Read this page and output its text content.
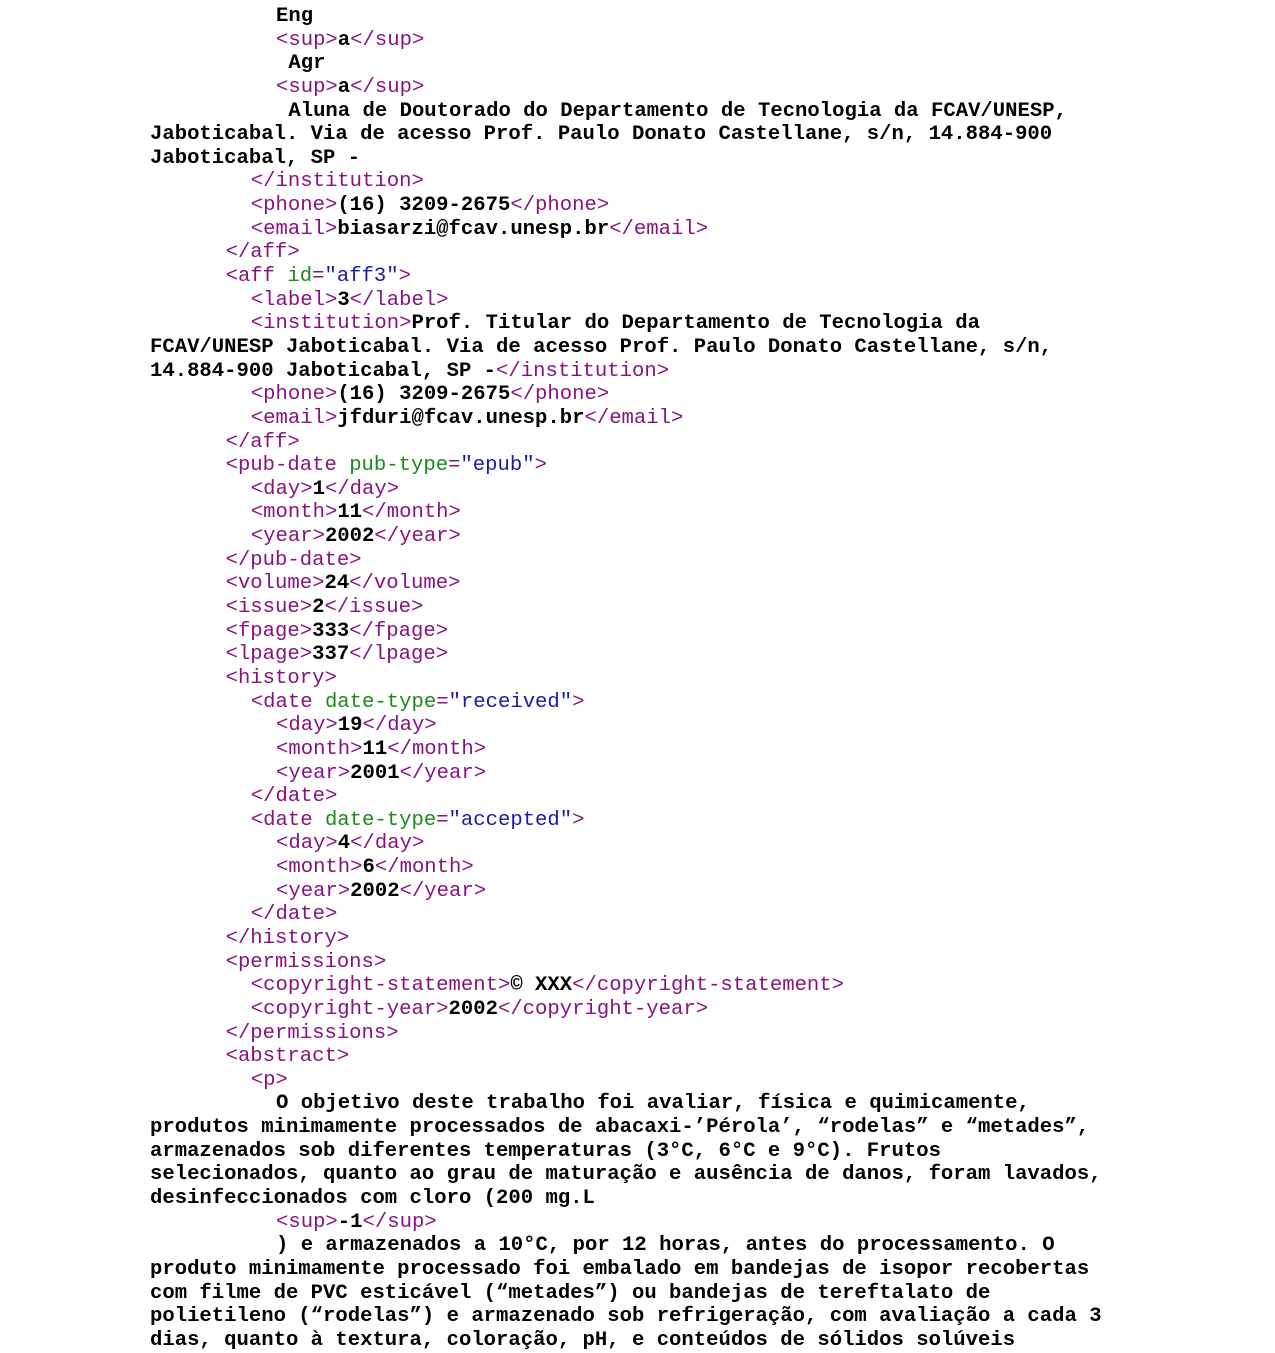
Eng
<sup>a</sup>
Agr
<sup>a</sup>
Aluna de Doutorado do Departamento de Tecnologia da FCAV/UNESP,
Jaboticabal. Via de acesso Prof. Paulo Donato Castellane, s/n, 14.884-900
Jaboticabal, SP -
</institution>
<phone>(16) 3209-2675</phone>
<email>biasarzi@fcav.unesp.br</email>
</aff>
<aff id="aff3">
<label>3</label>
<institution>Prof. Titular do Departamento de Tecnologia da
FCAV/UNESP Jaboticabal. Via de acesso Prof. Paulo Donato Castellane, s/n,
14.884-900 Jaboticabal, SP -</institution>
<phone>(16) 3209-2675</phone>
<email>jfduri@fcav.unesp.br</email>
</aff>
<pub-date pub-type="epub">
<day>1</day>
<month>11</month>
<year>2002</year>
</pub-date>
<volume>24</volume>
<issue>2</issue>
<fpage>333</fpage>
<lpage>337</lpage>
<history>
<date date-type="received">
<day>19</day>
<month>11</month>
<year>2001</year>
</date>
<date date-type="accepted">
<day>4</day>
<month>6</month>
<year>2002</year>
</date>
</history>
<permissions>
<copyright-statement>© XXX</copyright-statement>
<copyright-year>2002</copyright-year>
</permissions>
<abstract>
<p>
O objetivo deste trabalho foi avaliar, física e quimicamente,
produtos minimamente processados de abacaxi-’Pérola’, “rodelas” e “metades”,
armazenados sob diferentes temperaturas (3°C, 6°C e 9°C). Frutos
selecionados, quanto ao grau de maturação e ausência de danos, foram lavados,
desinfeccionados com cloro (200 mg.L
<sup>-1</sup>
) e armazenados a 10°C, por 12 horas, antes do processamento. O
produto minimamente processado foi embalado em bandejas de isopor recobertas
com filme de PVC esticável (“metades”) ou bandejas de tereftalato de
polietileno (“rodelas”) e armazenado sob refrigeração, com avaliação a cada 3
dias, quanto à textura, coloração, pH, e conteúdos de sólidos solúveis
